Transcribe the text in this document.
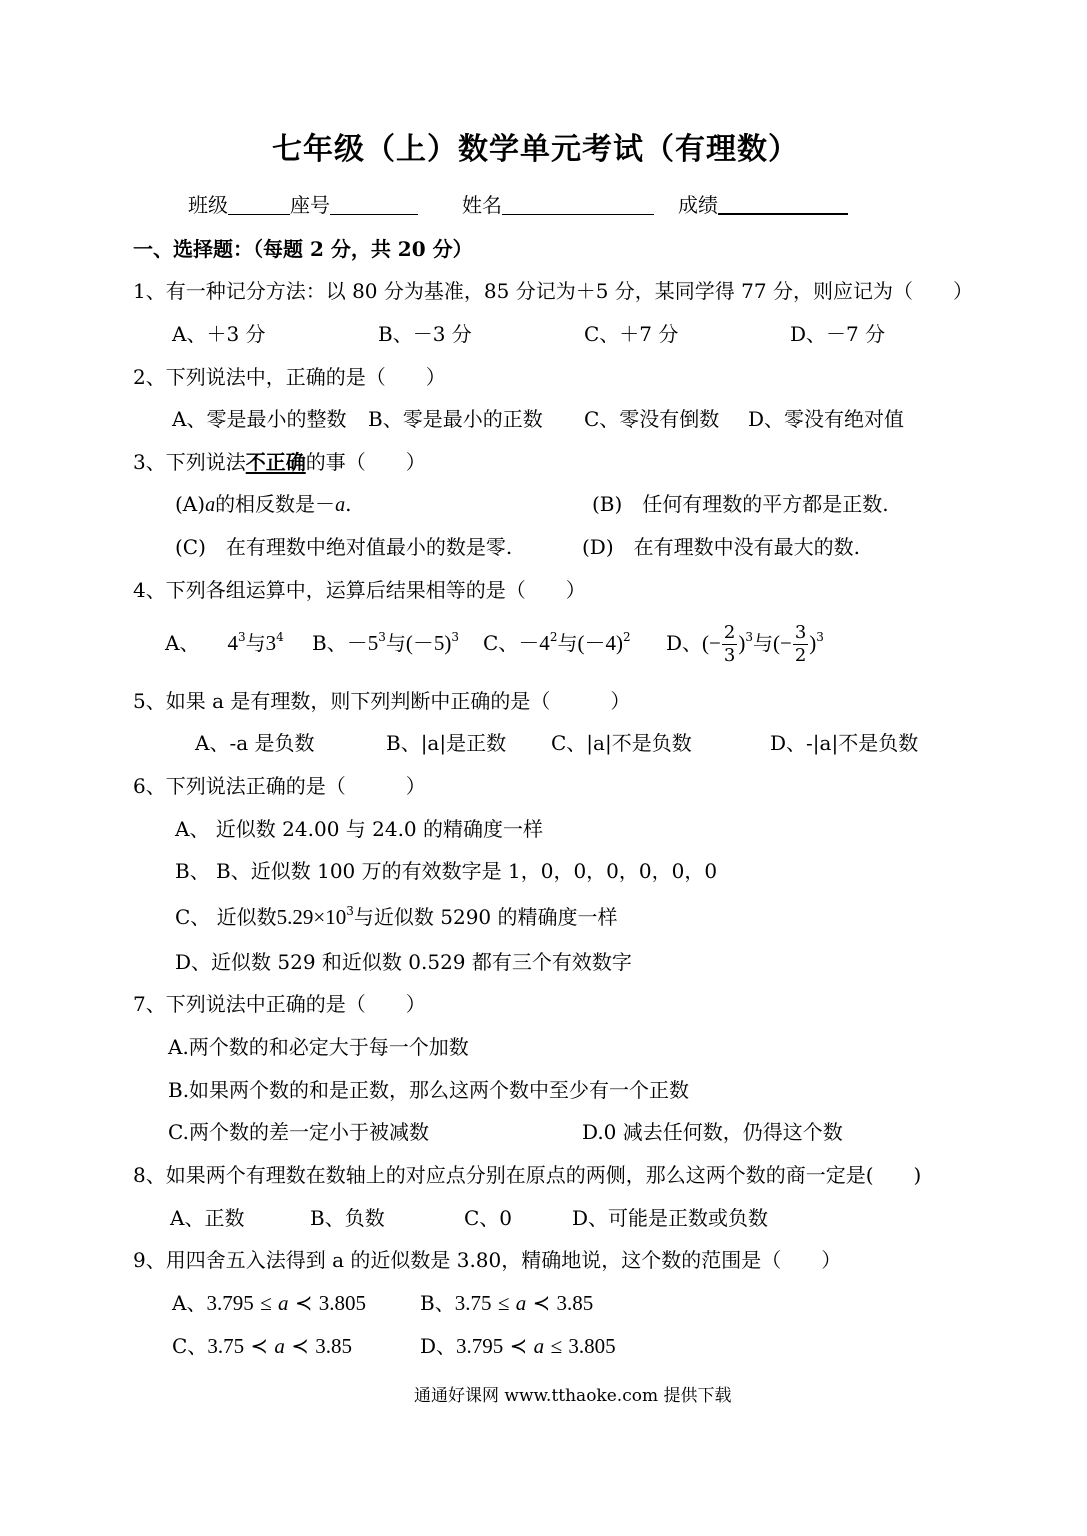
七年级（上）数学单元考试（有理数）
班级	座号	姓名	成绩
一、选择题：（每题 2 分，共 20 分）
1、有一种记分方法：以 80 分为基准，85 分记为＋5 分，某同学得 77 分，则应记为（　　）
A、＋3 分	B、－3 分	C、＋7 分	D、－7 分
2、下列说法中，正确的是（　　）
A、零是最小的整数 B、零是最小的正数 C、零没有倒数 D、零没有绝对值
3、下列说法不正确的事（　　）
(A)a的相反数是－a.	(B)　任何有理数的平方都是正数.
(C)　在有理数中绝对值最小的数是零.	(D)　在有理数中没有最大的数.
4、下列各组运算中，运算后结果相等的是（　　）
A、 $4^3$与$3^4$ B、$-5^3$与$(-5)^3$ C、$-4^2$与$(-4)^2$ D、(− $\frac{2}{3} )^3$与(− $\frac{3}{2} )^3$
5、如果 a 是有理数，则下列判断中正确的是（　　　）
A、-a 是负数	B、|a|是正数 C、|a|不是负数	D、-|a|不是负数
6、下列说法正确的是（　　　）
A、 近似数 24.00 与 24.0 的精确度一样
B、 B、近似数 100 万的有效数字是 1，0，0，0，0，0，0
C、 近似数$5.29\times 10^3$与近似数 5290 的精确度一样
D、近似数 529 和近似数 0.529 都有三个有效数字
7、下列说法中正确的是（　　）
A.两个数的和必定大于每一个加数
B.如果两个数的和是正数，那么这两个数中至少有一个正数
C.两个数的差一定小于被减数	D.0 减去任何数，仍得这个数
8、如果两个有理数在数轴上的对应点分别在原点的两侧，那么这两个数的商一定是(　　)
A、正数	B、负数	C、0	D、可能是正数或负数
9、用四舍五入法得到 a 的近似数是 3.80，精确地说，这个数的范围是（　　）
A、3.795 ≤ a ≺ 3.805	B、3.75 ≤ a ≺ 3.85
C、3.75 ≺ a ≺ 3.85	D、3.795 ≺ a ≤ 3.805
通通好课网 www.tthaoke.com 提供下载
